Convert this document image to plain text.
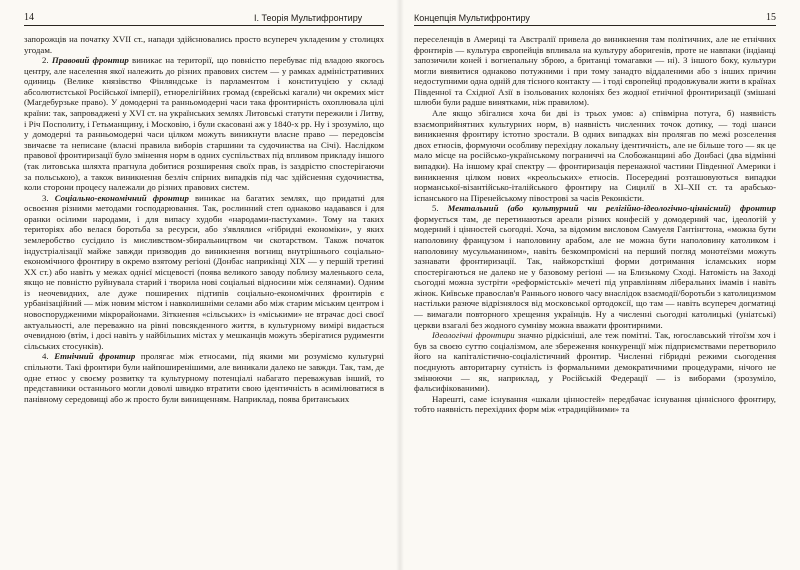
14	І. Теорія Мультифронтиру

запорожців на початку XVII ст., напади здійснювались просто всупереч укладеним у столицях угодам.

2. Правовий фронтир виникає на території, що повністю перебуває під владою якогось центру, але населення якої належить до різних правових систем — у рамках адміністративних одиниць (Велике князівство Фінляндське із парламентом і конституцією у складі абсолютистської Російської імперії), етнорелігійних громад (єврейські кагали) чи окремих міст (Магдебурзьке право). У домодерні та ранньомодерні часи така фронтирність охоплювала цілі країни: так, запроваджені у XVI ст. на українських землях Литовські статути пережили і Литву, і Річ Посполиту, і Гетьманщину, і Московію, і були скасовані аж у 1840-х рр. Ну і зрозуміло, що у домодерні та ранньомодерні часи цілком можуть виникнути власне право — передовсім звичаєве та неписане (власні правила виборів старшини та судочинства на Січі). Наслідком правової фронтиризації було змінення норм в одних суспільствах під впливом прикладу іншого (так литовська шляхта прагнула добитися розширення своїх прав, із заздрістю спостерігаючи за польською), а також виникнення безліч спірних випадків під час здійснення судочинства, коли сторони процесу належали до різних правових систем.

3. Соціально-економічний фронтир виникає на багатих землях, що придатні для освоєння різними методами господарювання. Так, рослинний степ однаково надавався і для оранки осілими народами, і для випасу худоби «народами-пастухами». Тому на таких територіях або велася боротьба за ресурси, або з'являлися «гібридні економіки», у яких землеробство сусідило із мисливством-збиральництвом чи скотарством. Також початок індустріалізації майже завжди призводив до виникнення вогнищ внутрішнього соціально-економічного фронтиру в окремо взятому регіоні (Донбас наприкінці XIX — у першій третині XX ст.) або навіть у межах однієї місцевості (поява великого заводу поблизу маленького села, якщо не повністю руйнувала старий і творила нові соціальні відносини між селянами). Одним із неочевидних, але дуже поширених підтипів соціально-економічних фронтирів є урбанізаційний — між новим містом і навколишніми селами або між старим міським центром і новоспорудженими мікрорайонами. Зіткнення «сільських» із «міськими» не втрачає досі своєї актуальності, але переважно на рівні повсякденного життя, в культурному вимірі видається очевидною (втім, і досі навіть у найбільших містах у мешканців можуть зберігатися рудименти сільських стосунків).

4. Етнічний фронтир пролягає між етносами, під якими ми розуміємо культурні спільноти. Такі фронтири були найпоширенішими, але виникали далеко не завжди. Так, там, де одне етнос у своєму розвитку та культурному потенціалі набагато переважував інший, то представники останнього могли доволі швидко втратити свою ідентичність в асимілюватися в панівному середовищі або ж просто були винищенням. Наприклад, поява британських

Концепція Мультифронтиру	15

переселенців в Америці та Австралії привела до виникнення там політичних, але не етнічних фронтирів — культура європейців впливала на культуру аборигенів, проте не навпаки (індіанці запозичили коней і вогнепальну зброю, а британці томагавки — ні). З іншого боку, культури могли виявитися однаково потужними і при тому занадто віддаленими або з інших причин недоступними одна одній для тісного контакту — і тоді європейці продовжували жити в країнах Південної та Східної Азії в ізольованих колоніях без жодної етнічної фронтиризації (змішані шлюби були радше винятками, ніж правилом).

Але якщо збігалися хоча би дві із трьох умов: а) співмірна потуга, б) наявність взаємоприйнятних культурних норм, в) наявність численних точок дотику, — тоді шанси виникнення фронтиру істотно зростали. В одних випадках він пролягав по межі розселення двох етносів, формуючи особливу перехідну локальну ідентичність, але не більше того — як це мало місце на російсько-українському пограниччі на Слобожанщині або Донбасі (два відмінні випадки). На іншому краї спектру — фронтиризація перенажної частини Південної Америки і виникнення цілком нових «креольських» етносів. Посередині розташовуються випадки норманської-візантійсько-італійського фронтиру на Сицилії в XI–XII ст. та арабсько-іспанського на Піренейському півострові за часів Реконкісти.

5. Ментальний (або культурний чи релігійно-ідеологічно-ціннісний) фронтир формується там, де перетинаються ареали різних конфесій у домодерний час, ідеологій у модерний і цінностей сьогодні. Хоча, за відомим висловом Самуеля Гантінгтона, «можна бути наполовину французом і наполовину арабом, але не можна бути наполовину католиком і наполовину мусульманином», навіть безкомпромісні на перший погляд монотеїзми можуть зазнавати фронтиризації. Так, найжорсткіші форми дотримання ісламських норм спостерігаються не далеко не у базовому регіоні — на Близькому Сході. Натомість на Заході сьогодні можна зустріти «реформістські» мечеті під управлінням ліберальних імамів і навіть жінок. Київське православ'я Раннього нового часу внаслідок взаємодії/боротьби з католицизмом настільки разюче відрізнялося від московської ортодоксії, що там — навіть всупереч догматиці — вимагали повторного хрещення українців. Ну а численні сьогодні католицькі (уніатські) церкви взагалі без жодного сумніву можна вважати фронтирними.

Ідеологічні фронтири значно рідкісніші, але теж помітні. Так, югославський тітоїзм хоч і був за своєю суттю соціалізмом, але збереження конкуренції між підприємствами перетворило його на капіталістично-соціалістичний фронтир. Численні гібридні режими сьогодення поєднують авторитарну сутність із формальними демократичними процедурами, нічого не змінюючи — як, наприклад, у Російській Федерації — із виборами (зрозуміло, фальсифікованими).

Нарешті, саме існування «шкали цінностей» передбачає існування ціннісного фронтиру, тобто наявність перехідних форм між «традиційними» та
